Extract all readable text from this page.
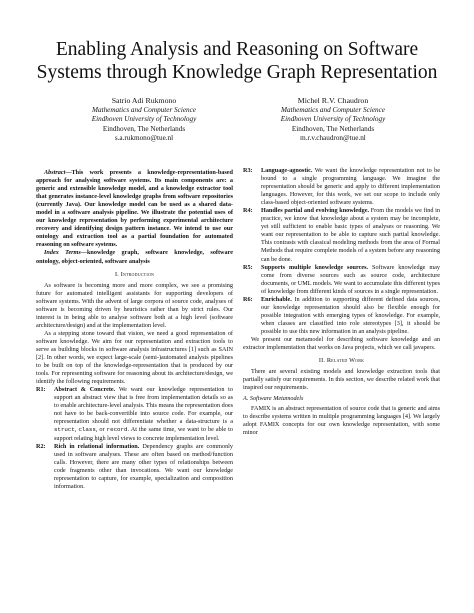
Enabling Analysis and Reasoning on Software
Systems through Knowledge Graph Representation
Satrio Adi Rukmono
Mathematics and Computer Science
Eindhoven University of Technology
Eindhoven, The Netherlands
s.a.rukmono@tue.nl
Michel R.V. Chaudron
Mathematics and Computer Science
Eindhoven University of Technology
Eindhoven, The Netherlands
m.r.v.chaudron@tue.nl

Abstract—This work presents a knowledge-representation-based approach for analysing software systems. Its main components are: a generic and extensible knowledge model, and a knowledge extractor tool that generates instance-level knowledge graphs from software repositories (currently Java). Our knowledge model can be used as a shared data-model in a software analysis pipeline. We illustrate the potential uses of our knowledge representation by performing experimental architecture recovery and identifying design pattern instance. We intend to use our ontology and extraction tool as a partial foundation for automated reasoning on software systems.

Index Terms—knowledge graph, software knowledge, software ontology, object-oriented, software analysis

I. Introduction

As software is becoming more and more complex, we see a promising future for automated intelligent assistants for supporting developers of software systems. With the advent of large corpora of source code, analyses of software is becoming driven by heuristics rather than by strict rules. Our interest is in being able to analyse software both at a high level (software architecture/design) and at the implementation level.

As a stepping stone toward that vision, we need a good representation of software knowledge. We aim for our representation and extraction tools to serve as building blocks in software analysis infrastructures [1] such as SAIN [2]. In other words, we expect large-scale (semi-)automated analysis pipelines to be built on top of the knowledge-representation that is produced by our tools. For representing software for reasoning about its architecture/design, we identify the following requirements.

R1:	Abstract & Concrete. We want our knowledge representation to support an abstract view that is free from implementation details so as to enable architecture-level analysis. This means the representation does not have to be back-convertible into source code. For example, our representation should not differentiate whether a data-structure is a struct, class, or record. At the same time, we want to be able to support relating high level views to concrete implementation level.
R2:	Rich in relational information. Dependency graphs are commonly used in software analyses. These are often based on method/function calls. However, there are many other types of relationships between code fragments other than invocations. We want our knowledge representation to capture, for example, specialization and composition information.
R3:	Language-agnostic. We want the knowledge representation not to be bound to a single programming language. We imagine the representation should be generic and apply to different implementation languages. However, for this work, we set our scope to include only class-based object-oriented software systems.
R4:	Handles partial and evolving knowledge. From the models we find in practice, we know that knowledge about a system may be incomplete, yet still sufficient to enable basic types of analyses or reasoning. We want our representation to be able to capture such partial knowledge. This contrasts with classical modeling methods from the area of Formal Methods that require complete models of a system before any reasoning can be done.
R5:	Supports multiple knowledge sources. Software knowledge may come from diverse sources such as source code, architecture documents, or UML models. We want to accumulate this different types of knowledge from different kinds of sources in a single representation.
R6:	Enrichable. In addition to supporting different defined data sources, our knowledge representation should also be flexible enough for possible integration with emerging types of knowledge. For example, when classes are classified into role stereotypes [3], it should be possible to use this new information in an analysis pipeline.

We present our metamodel for describing software knowledge and an extractor implementation that works on Java projects, which we call javapers.

II. Related Work

There are several existing models and knowledge extraction tools that partially satisfy our requirements. In this section, we describe related work that inspired our requirements.

A. Software Metamodels

FAMIX is an abstract representation of source code that is generic and aims to describe systems written in multiple programming languages [4]. We largely adopt FAMIX concepts for our own knowledge representation, with some minor
